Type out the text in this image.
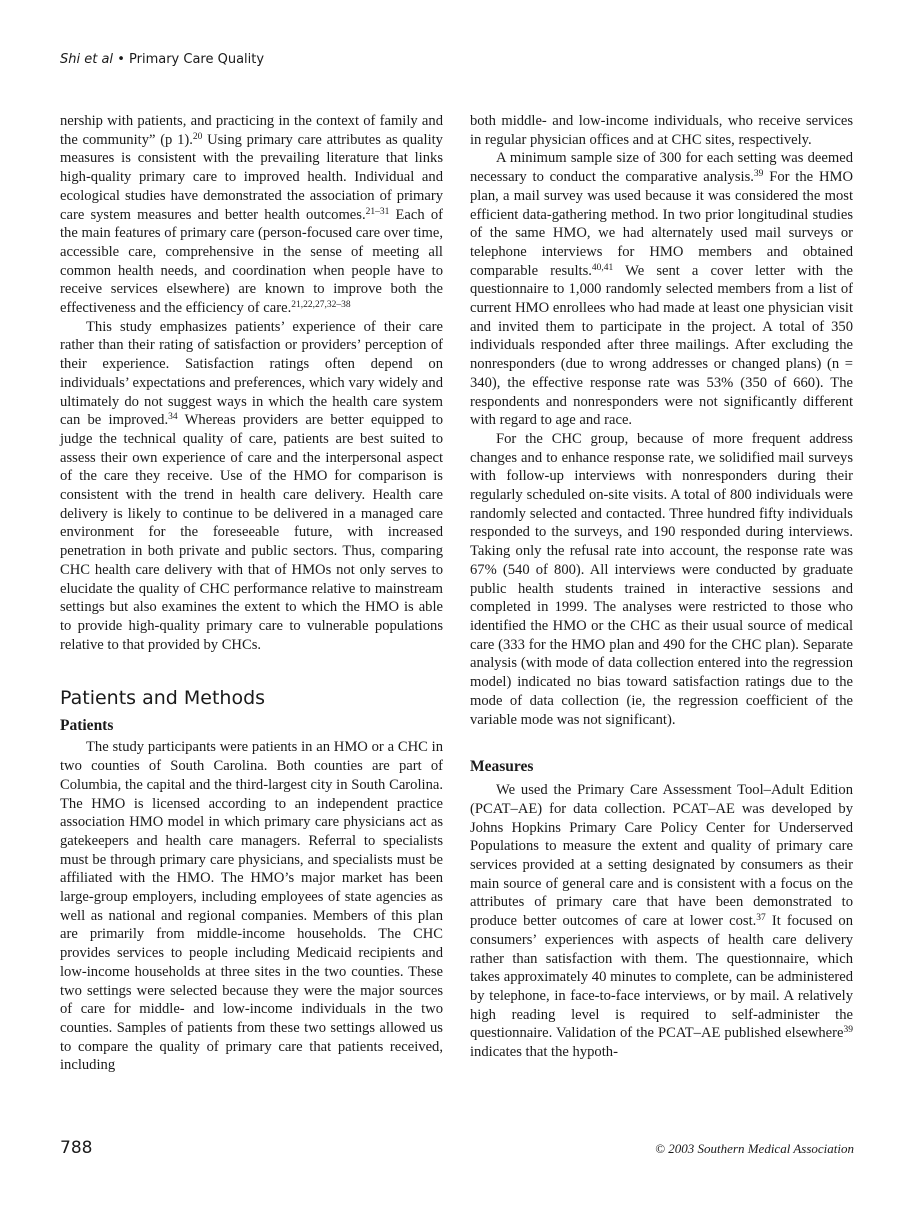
Shi et al • Primary Care Quality

nership with patients, and practicing in the context of family and the community” (p 1).$^{20}$ Using primary care attributes as quality measures is consistent with the prevailing literature that links high-quality primary care to improved health. Individual and ecological studies have demonstrated the association of primary care system measures and better health outcomes.$^{21-31}$ Each of the main features of primary care (person-focused care over time, accessible care, comprehensive in the sense of meeting all common health needs, and coordination when people have to receive services elsewhere) are known to improve both the effectiveness and the efficiency of care.$^{21,22,27,32-38}$

This study emphasizes patients’ experience of their care rather than their rating of satisfaction or providers’ perception of their experience. Satisfaction ratings often depend on individuals’ expectations and preferences, which vary widely and ultimately do not suggest ways in which the health care system can be improved.$^{34}$ Whereas providers are better equipped to judge the technical quality of care, patients are best suited to assess their own experience of care and the interpersonal aspect of the care they receive. Use of the HMO for comparison is consistent with the trend in health care delivery. Health care delivery is likely to continue to be delivered in a managed care environment for the foreseeable future, with increased penetration in both private and public sectors. Thus, comparing CHC health care delivery with that of HMOs not only serves to elucidate the quality of CHC performance relative to mainstream settings but also examines the extent to which the HMO is able to provide high-quality primary care to vulnerable populations relative to that provided by CHCs.

Patients and Methods
Patients

The study participants were patients in an HMO or a CHC in two counties of South Carolina. Both counties are part of Columbia, the capital and the third-largest city in South Carolina. The HMO is licensed according to an independent practice association HMO model in which primary care physicians act as gatekeepers and health care managers. Referral to specialists must be through primary care physicians, and specialists must be affiliated with the HMO. The HMO’s major market has been large-group employers, including employees of state agencies as well as national and regional companies. Members of this plan are primarily from middle-income households. The CHC provides services to people including Medicaid recipients and low-income households at three sites in the two counties. These two settings were selected because they were the major sources of care for middle- and low-income individuals in the two counties. Samples of patients from these two settings allowed us to compare the quality of primary care that patients received, including

both middle- and low-income individuals, who receive services in regular physician offices and at CHC sites, respectively.

A minimum sample size of 300 for each setting was deemed necessary to conduct the comparative analysis.$^{39}$ For the HMO plan, a mail survey was used because it was considered the most efficient data-gathering method. In two prior longitudinal studies of the same HMO, we had alternately used mail surveys or telephone interviews for HMO members and obtained comparable results.$^{40,41}$ We sent a cover letter with the questionnaire to 1,000 randomly selected members from a list of current HMO enrollees who had made at least one physician visit and invited them to participate in the project. A total of 350 individuals responded after three mailings. After excluding the nonresponders (due to wrong addresses or changed plans) (n = 340), the effective response rate was 53% (350 of 660). The respondents and nonresponders were not significantly different with regard to age and race.

For the CHC group, because of more frequent address changes and to enhance response rate, we solidified mail surveys with follow-up interviews with nonresponders during their regularly scheduled on-site visits. A total of 800 individuals were randomly selected and contacted. Three hundred fifty individuals responded to the surveys, and 190 responded during interviews. Taking only the refusal rate into account, the response rate was 67% (540 of 800). All interviews were conducted by graduate public health students trained in interactive sessions and completed in 1999. The analyses were restricted to those who identified the HMO or the CHC as their usual source of medical care (333 for the HMO plan and 490 for the CHC plan). Separate analysis (with mode of data collection entered into the regression model) indicated no bias toward satisfaction ratings due to the mode of data collection (ie, the regression coefficient of the variable mode was not significant).

Measures

We used the Primary Care Assessment Tool–Adult Edition (PCAT–AE) for data collection. PCAT–AE was developed by Johns Hopkins Primary Care Policy Center for Underserved Populations to measure the extent and quality of primary care services provided at a setting designated by consumers as their main source of general care and is consistent with a focus on the attributes of primary care that have been demonstrated to produce better outcomes of care at lower cost.$^{37}$ It focused on consumers’ experiences with aspects of health care delivery rather than satisfaction with them. The questionnaire, which takes approximately 40 minutes to complete, can be administered by telephone, in face-to-face interviews, or by mail. A relatively high reading level is required to self-administer the questionnaire. Validation of the PCAT–AE published elsewhere$^{39}$ indicates that the hypoth-

788	© 2003 Southern Medical Association
